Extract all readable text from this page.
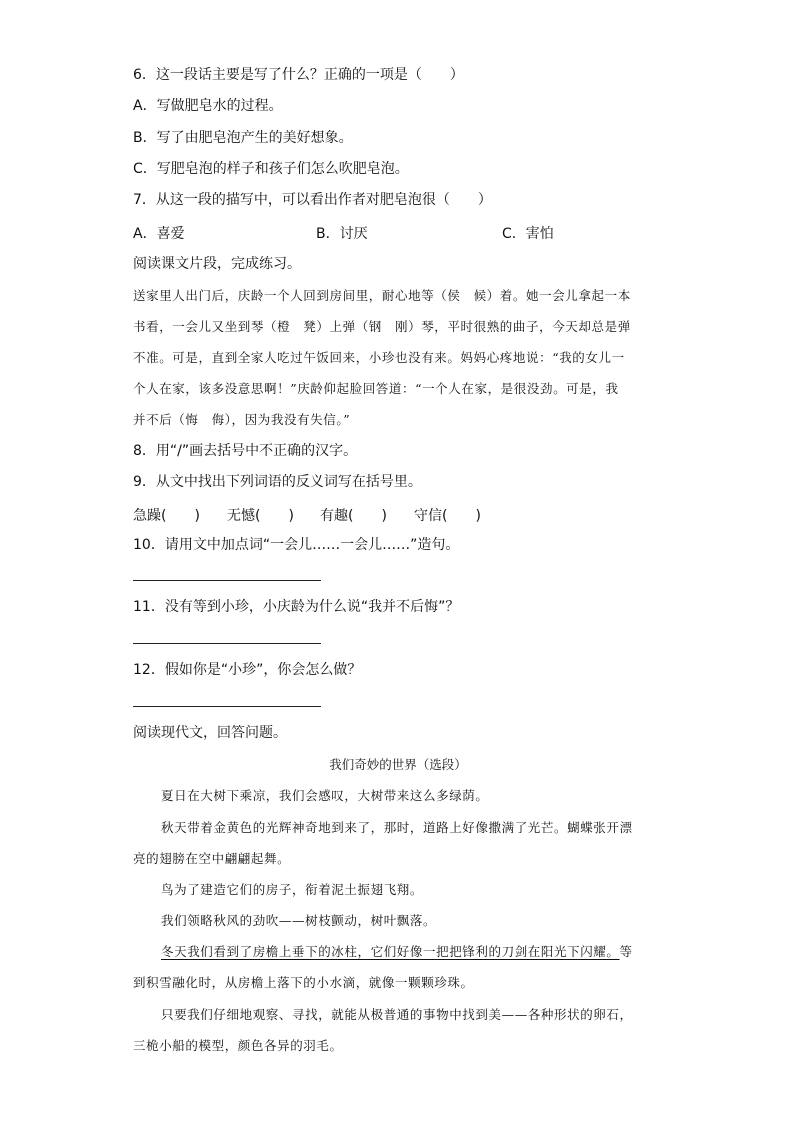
6．这一段话主要是写了什么？正确的一项是（　　）
A．写做肥皂水的过程。
B．写了由肥皂泡产生的美好想象。
C．写肥皂泡的样子和孩子们怎么吹肥皂泡。
7．从这一段的描写中，可以看出作者对肥皂泡很（　　）
A．喜爱	B．讨厌	C．害怕
阅读课文片段，完成练习。
送家里人出门后，庆龄一个人回到房间里，耐心地等（侯　候）着。她一会儿拿起一本
书看，一会儿又坐到琴（橙　凳）上弹（钢　刚）琴，平时很熟的曲子，今天却总是弹
不准。可是，直到全家人吃过午饭回来，小珍也没有来。妈妈心疼地说：“我的女儿一
个人在家，该多没意思啊！”庆龄仰起脸回答道：“一个人在家，是很没劲。可是，我
并不后（悔　侮），因为我没有失信。”
8．用“/”画去括号中不正确的汉字。
9．从文中找出下列词语的反义词写在括号里。
急躁(　　) 无憾(　　) 有趣(　　) 守信(　　)
10．请用文中加点词“一会儿……一会儿……”造句。
11．没有等到小珍，小庆龄为什么说“我并不后悔”？
12．假如你是“小珍”，你会怎么做？
阅读现代文，回答问题。
我们奇妙的世界（选段）
夏日在大树下乘凉，我们会感叹，大树带来这么多绿荫。
秋天带着金黄色的光辉神奇地到来了，那时，道路上好像撒满了光芒。蝴蝶张开漂
亮的翅膀在空中翩翩起舞。
鸟为了建造它们的房子，衔着泥土振翅飞翔。
我们领略秋风的劲吹——树枝颤动，树叶飘落。
冬天我们看到了房檐上垂下的冰柱，它们好像一把把锋利的刀剑在阳光下闪耀。等
到积雪融化时，从房檐上落下的小水滴，就像一颗颗珍珠。
只要我们仔细地观察、寻找，就能从极普通的事物中找到美——各种形状的卵石，
三桅小船的模型，颜色各异的羽毛。
